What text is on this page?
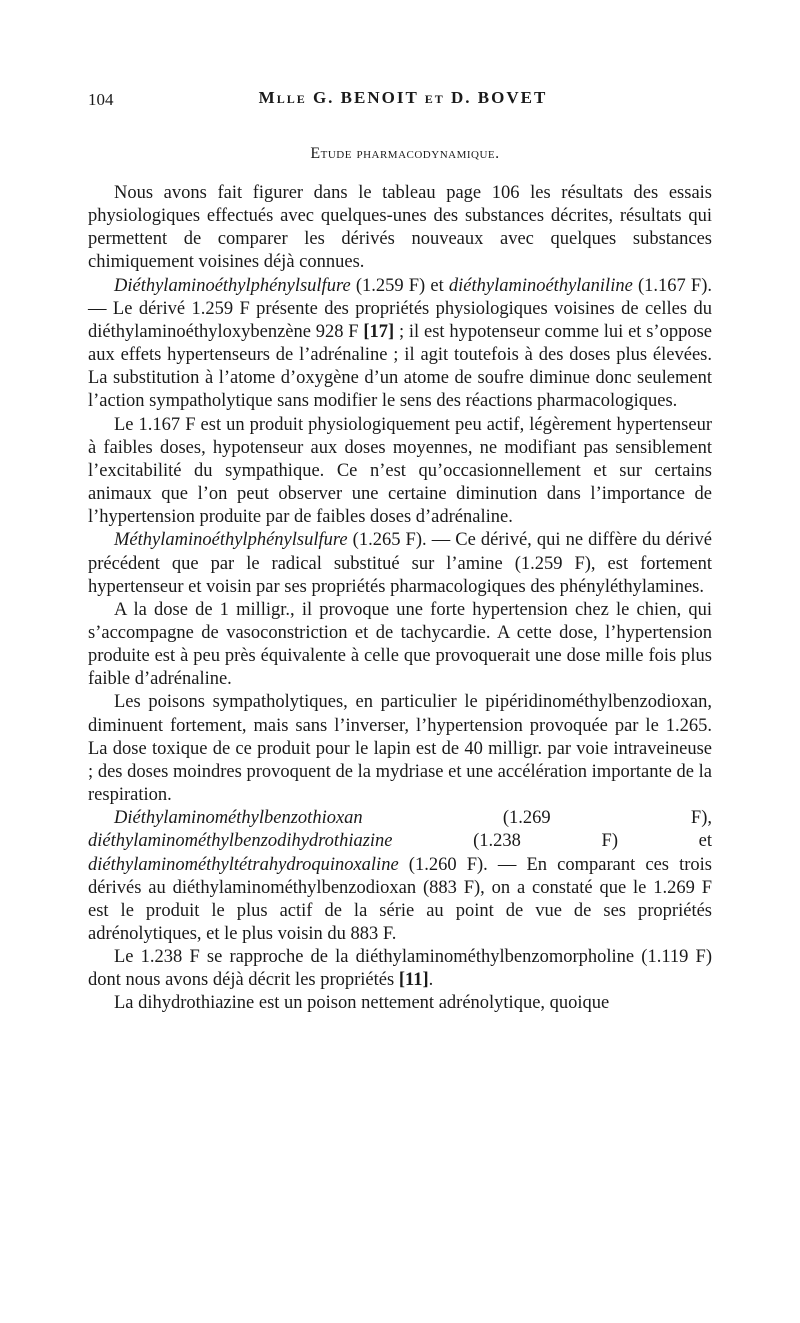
104	Mlle G. BENOIT et D. BOVET
Etude pharmacodynamique.

Nous avons fait figurer dans le tableau page 106 les résultats des essais physiologiques effectués avec quelques-unes des substances décrites, résultats qui permettent de comparer les dérivés nouveaux avec quelques substances chimiquement voisines déjà connues.

Diéthylaminoéthylphénylsulfure (1.259 F) et diéthylaminoéthylaniline (1.167 F). — Le dérivé 1.259 F présente des propriétés physiologiques voisines de celles du diéthylaminoéthyloxybenzène 928 F [17] ; il est hypotenseur comme lui et s’oppose aux effets hypertenseurs de l’adrénaline ; il agit toutefois à des doses plus élevées. La substitution à l’atome d’oxygène d’un atome de soufre diminue donc seulement l’action sympatholytique sans modifier le sens des réactions pharmacologiques.

Le 1.167 F est un produit physiologiquement peu actif, légèrement hypertenseur à faibles doses, hypotenseur aux doses moyennes, ne modifiant pas sensiblement l’excitabilité du sympathique. Ce n’est qu’occasionnellement et sur certains animaux que l’on peut observer une certaine diminution dans l’importance de l’hypertension produite par de faibles doses d’adrénaline.

Méthylaminoéthylphénylsulfure (1.265 F). — Ce dérivé, qui ne diffère du dérivé précédent que par le radical substitué sur l’amine (1.259 F), est fortement hypertenseur et voisin par ses propriétés pharmacologiques des phényléthylamines.

A la dose de 1 milligr., il provoque une forte hypertension chez le chien, qui s’accompagne de vasoconstriction et de tachycardie. A cette dose, l’hypertension produite est à peu près équivalente à celle que provoquerait une dose mille fois plus faible d’adrénaline.

Les poisons sympatholytiques, en particulier le pipéridinométhylbenzodioxan, diminuent fortement, mais sans l’inverser, l’hypertension provoquée par le 1.265. La dose toxique de ce produit pour le lapin est de 40 milligr. par voie intraveineuse ; des doses moindres provoquent de la mydriase et une accélération importante de la respiration.

Diéthylaminométhylbenzothioxan (1.269 F), diéthylaminométhylbenzodihydrothiazine (1.238 F) et diéthylaminométhyltétrahydroquinoxaline (1.260 F). — En comparant ces trois dérivés au diéthylaminométhylbenzodioxan (883 F), on a constaté que le 1.269 F est le produit le plus actif de la série au point de vue de ses propriétés adrénolytiques, et le plus voisin du 883 F.

Le 1.238 F se rapproche de la diéthylaminométhylbenzomorpholine (1.119 F) dont nous avons déjà décrit les propriétés [11].

La dihydrothiazine est un poison nettement adrénolytique, quoique
